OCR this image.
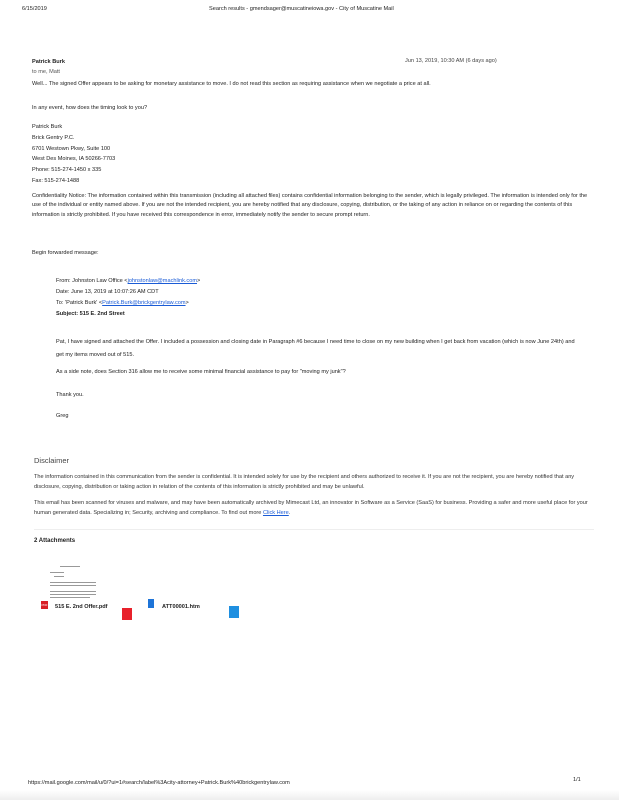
6/15/2019	Search results - gmendsager@muscatineiowa.gov - City of Muscatine Mail
Patrick Burk	Jun 13, 2019, 10:30 AM (6 days ago)
to me, Matt
Well... The signed Offer appears to be asking for monetary assistance to move. I do not read this section as requiring assistance when we negotiate a price at all.
In any event, how does the timing look to you?
Patrick Burk
Brick Gentry P.C.
6701 Westown Pkwy, Suite 100
West Des Moines, IA 50266-7703
Phone: 515-274-1450 x 335
Fax: 515-274-1488
Confidentiality Notice: The information contained within this transmission (including all attached files) contains confidential information belonging to the sender, which is legally privileged. The information is intended only for the use of the individual or entity named above. If you are not the intended recipient, you are hereby notified that any disclosure, copying, distribution, or the taking of any action in reliance on or regarding the contents of this information is strictly prohibited. If you have received this correspondence in error, immediately notify the sender to secure prompt return.
Begin forwarded message:
From: Johnston Law Office <johnstonlaw@machlink.com>
Date: June 13, 2019 at 10:07:26 AM CDT
To: 'Patrick Burk' <Patrick.Burk@brickgentrylaw.com>
Subject: 515 E. 2nd Street
Pat, I have signed and attached the Offer. I included a possession and closing date in Paragraph #6 because I need time to close on my new building when I get back from vacation (which is now June 24th) and get my items moved out of 515.
As a side note, does Section 316 allow me to receive some minimal financial assistance to pay for "moving my junk"?
Thank you.
Greg
Disclaimer
The information contained in this communication from the sender is confidential. It is intended solely for use by the recipient and others authorized to receive it. If you are not the recipient, you are hereby notified that any disclosure, copying, distribution or taking action in relation of the contents of this information is strictly prohibited and may be unlawful.
This email has been scanned for viruses and malware, and may have been automatically archived by Mimecast Ltd, an innovator in Software as a Service (SaaS) for business. Providing a safer and more useful place for your human generated data. Specializing in; Security, archiving and compliance. To find out more Click Here.
2 Attachments
PDF 515 E. 2nd Offer.pdf	ATT00001.htm
https://mail.google.com/mail/u/0/?ui=1#search/label%3Acity-attorney+Patrick.Burk%40brickgentrylaw.com	1/1
